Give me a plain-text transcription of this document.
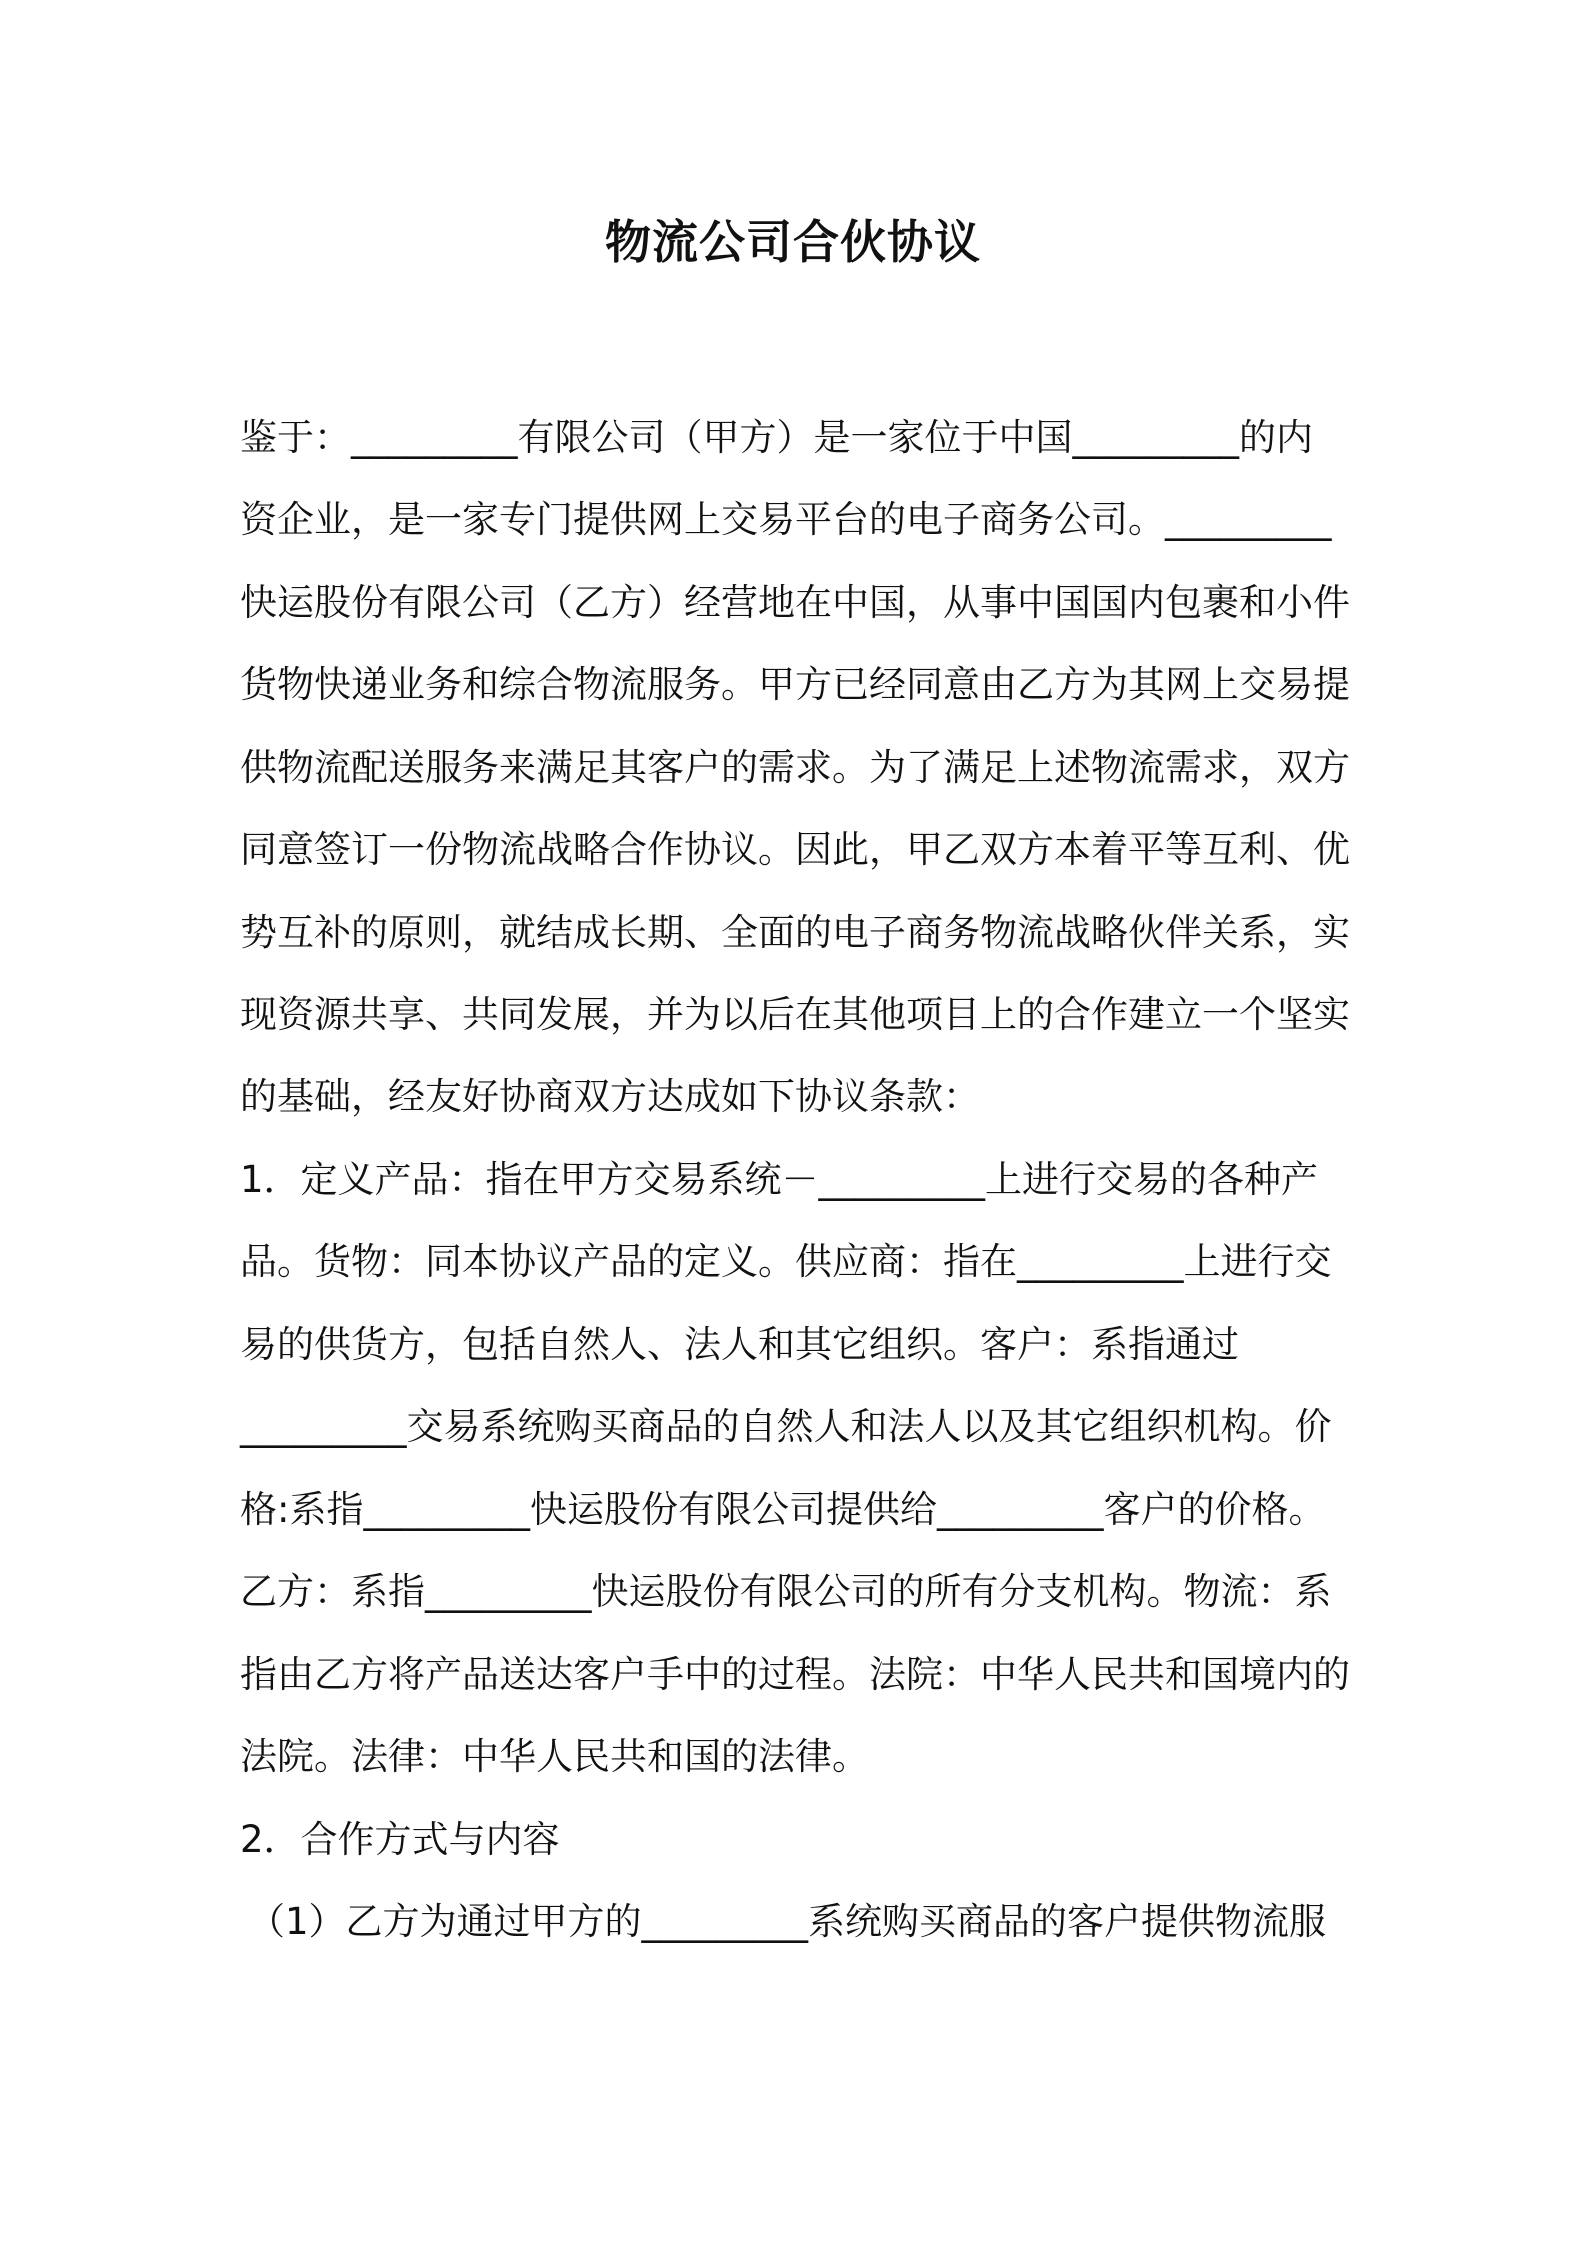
物流公司合伙协议
鉴于：_________有限公司（甲方）是一家位于中国_________的内
资企业，是一家专门提供网上交易平台的电子商务公司。_________
快运股份有限公司（乙方）经营地在中国，从事中国国内包裹和小件
货物快递业务和综合物流服务。甲方已经同意由乙方为其网上交易提
供物流配送服务来满足其客户的需求。为了满足上述物流需求，双方
同意签订一份物流战略合作协议。因此，甲乙双方本着平等互利、优
势互补的原则，就结成长期、全面的电子商务物流战略伙伴关系，实
现资源共享、共同发展，并为以后在其他项目上的合作建立一个坚实
的基础，经友好协商双方达成如下协议条款：
1．定义产品：指在甲方交易系统－_________上进行交易的各种产
品。货物：同本协议产品的定义。供应商：指在_________上进行交
易的供货方，包括自然人、法人和其它组织。客户：系指通过
_________交易系统购买商品的自然人和法人以及其它组织机构。价
格:系指_________快运股份有限公司提供给_________客户的价格。
乙方：系指_________快运股份有限公司的所有分支机构。物流：系
指由乙方将产品送达客户手中的过程。法院：中华人民共和国境内的
法院。法律：中华人民共和国的法律。
2．合作方式与内容
（1）乙方为通过甲方的_________系统购买商品的客户提供物流服
